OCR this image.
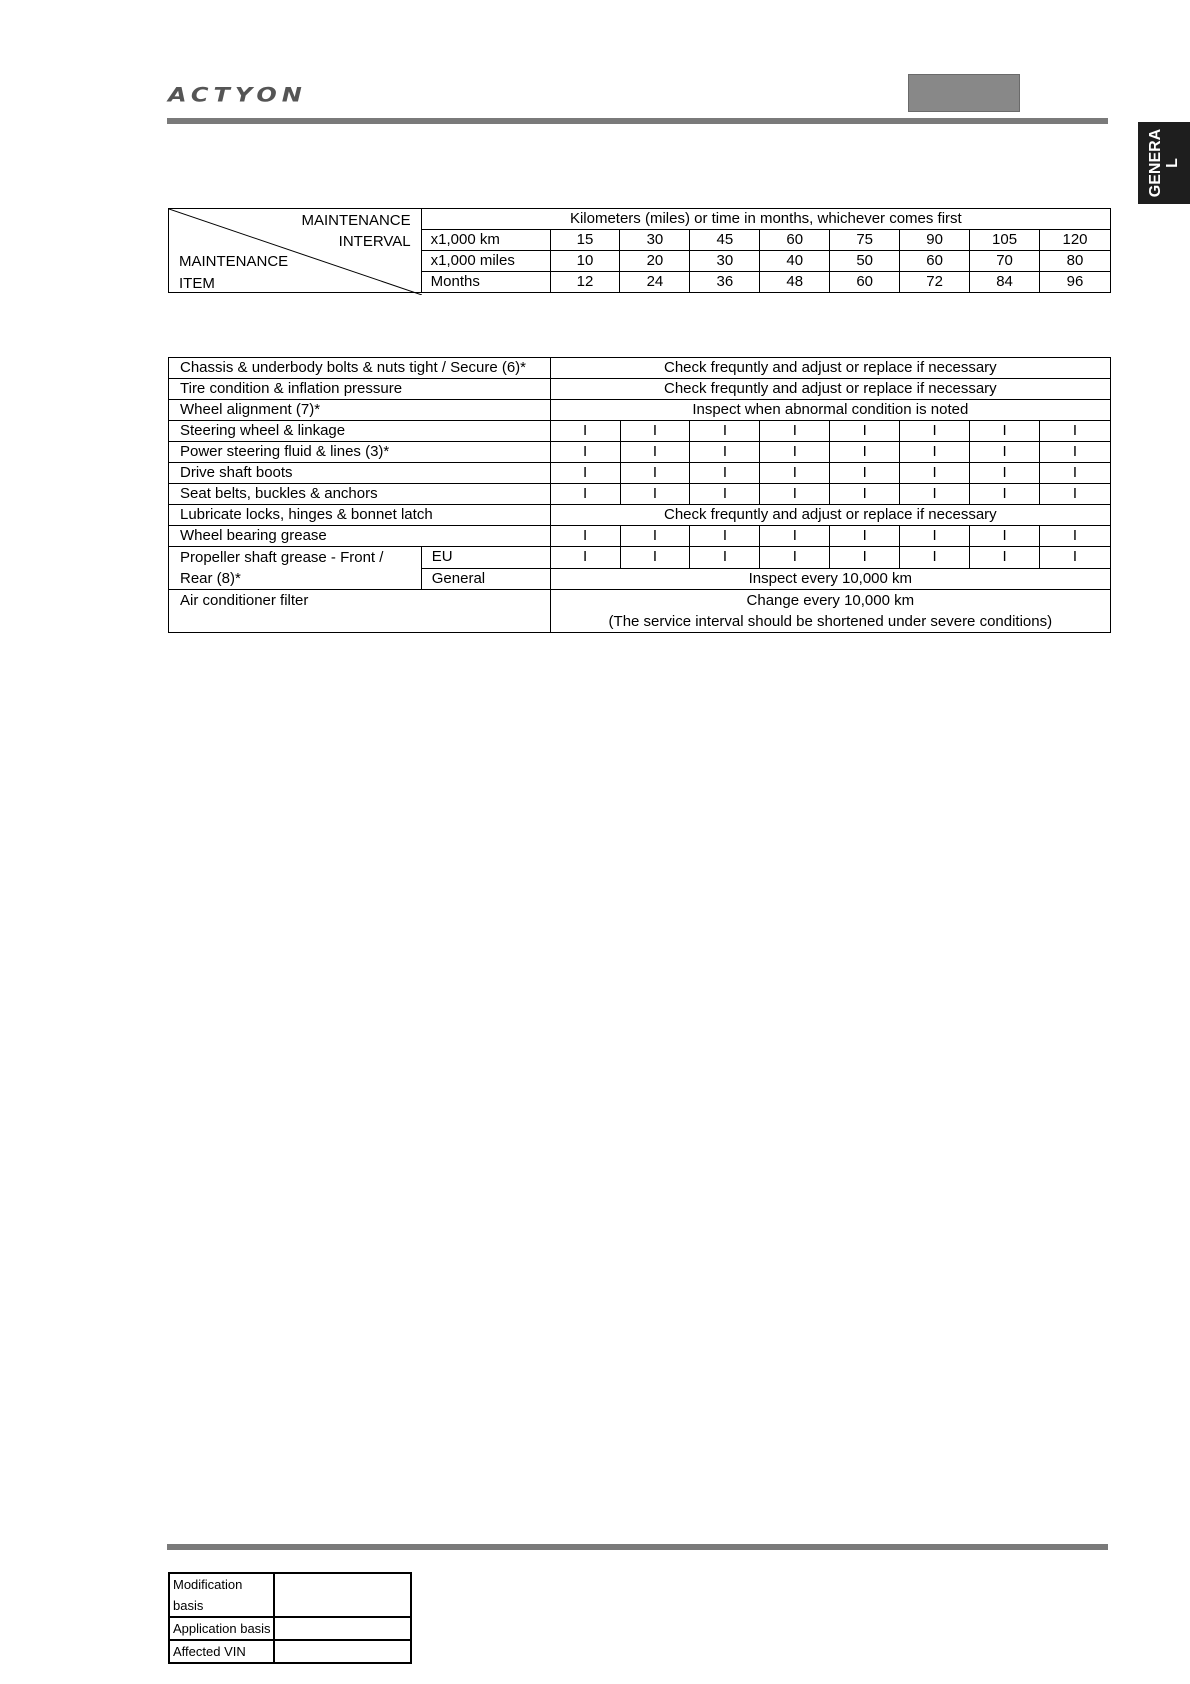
ACTYON
GENERA
L
MAINTENANCE
INTERVAL
MAINTENANCE
ITEM	Kilometers (miles) or time in months, whichever comes first								
	x1,000 km	15	30	45	60	75	90	105	120
	x1,000 miles	10	20	30	40	50	60	70	80
	Months	12	24	36	48	60	72	84	96
Chassis & underbody bolts & nuts tight / Secure (6)*		Check frequntly and adjust or replace if necessary							
Tire condition & inflation pressure		Check frequntly and adjust or replace if necessary							
Wheel alignment (7)*		Inspect when abnormal condition is noted							
Steering wheel & linkage		I	I	I	I	I	I	I	I
Power steering fluid & lines (3)*		I	I	I	I	I	I	I	I
Drive shaft boots		I	I	I	I	I	I	I	I
Seat belts, buckles & anchors		I	I	I	I	I	I	I	I
Lubricate locks, hinges & bonnet latch		Check frequntly and adjust or replace if necessary							
Wheel bearing grease		I	I	I	I	I	I	I	I

Propeller shaft grease - Front /
Rear (8)*	EU	I	I	I	I	I	I	I	I
	General	Inspect every 10,000 km							
Air conditioner filter		Change every 10,000 km
(The service interval should be shortened under severe conditions)							
Modification basis	
Application basis	
Affected VIN	
